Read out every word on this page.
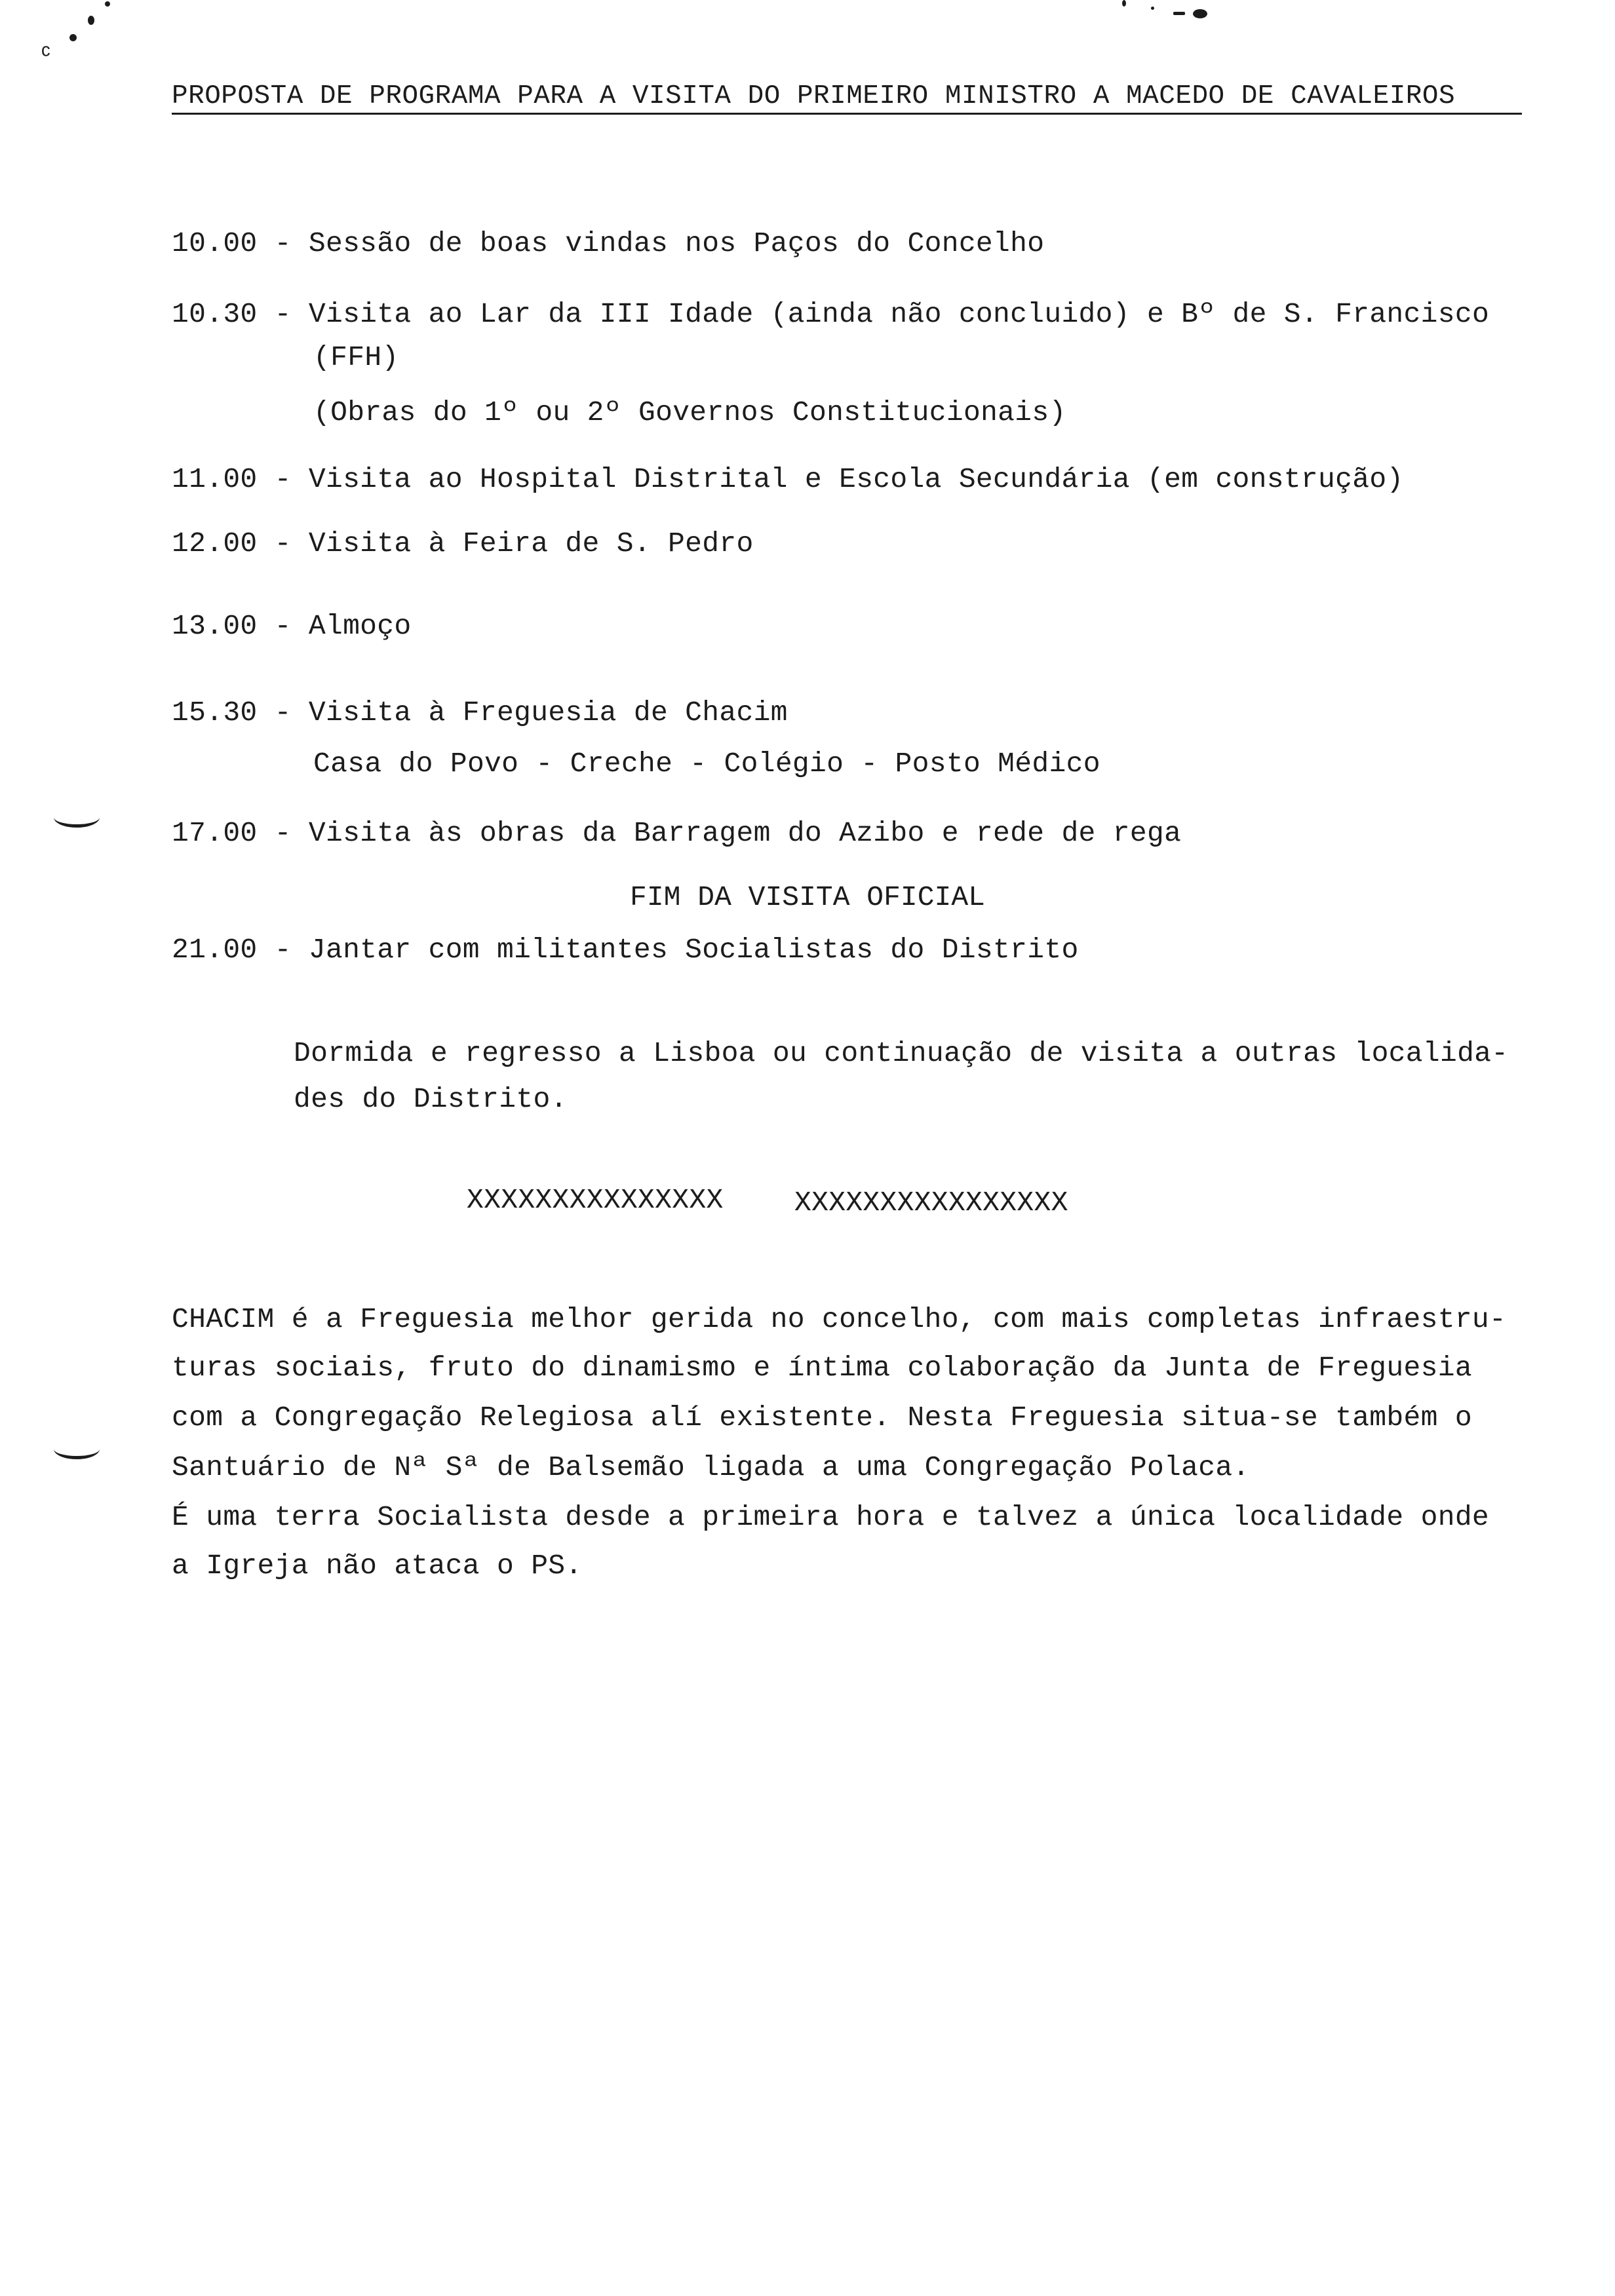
ᶜ
PROPOSTA DE PROGRAMA PARA A VISITA DO PRIMEIRO MINISTRO A MACEDO DE CAVALEIROS
10.00 - Sessão de boas vindas nos Paços do Concelho
10.30 - Visita ao Lar da III Idade (ainda não concluido) e Bº de S. Francisco
(FFH)
(Obras do 1º ou 2º Governos Constitucionais)
11.00 - Visita ao Hospital Distrital e Escola Secundária (em construção)
12.00 - Visita à Feira de S. Pedro
13.00 - Almoço
15.30 - Visita à Freguesia de Chacim
Casa do Povo - Creche - Colégio - Posto Médico
17.00 - Visita às obras da Barragem do Azibo e rede de rega
FIM DA VISITA OFICIAL
21.00 - Jantar com militantes Socialistas do Distrito
Dormida e regresso a Lisboa ou continuação de visita a outras localida-
des do Distrito.
XXXXXXXXXXXXXXX	XXXXXXXXXXXXXXXX
CHACIM é a Freguesia melhor gerida no concelho, com mais completas infraestru-
turas sociais, fruto do dinamismo e íntima colaboração da Junta de Freguesia
com a Congregação Relegiosa alí existente. Nesta Freguesia situa-se também o
Santuário de Nª Sª de Balsemão ligada a uma Congregação Polaca.
É uma terra Socialista desde a primeira hora e talvez a única localidade onde
a Igreja não ataca o PS.
